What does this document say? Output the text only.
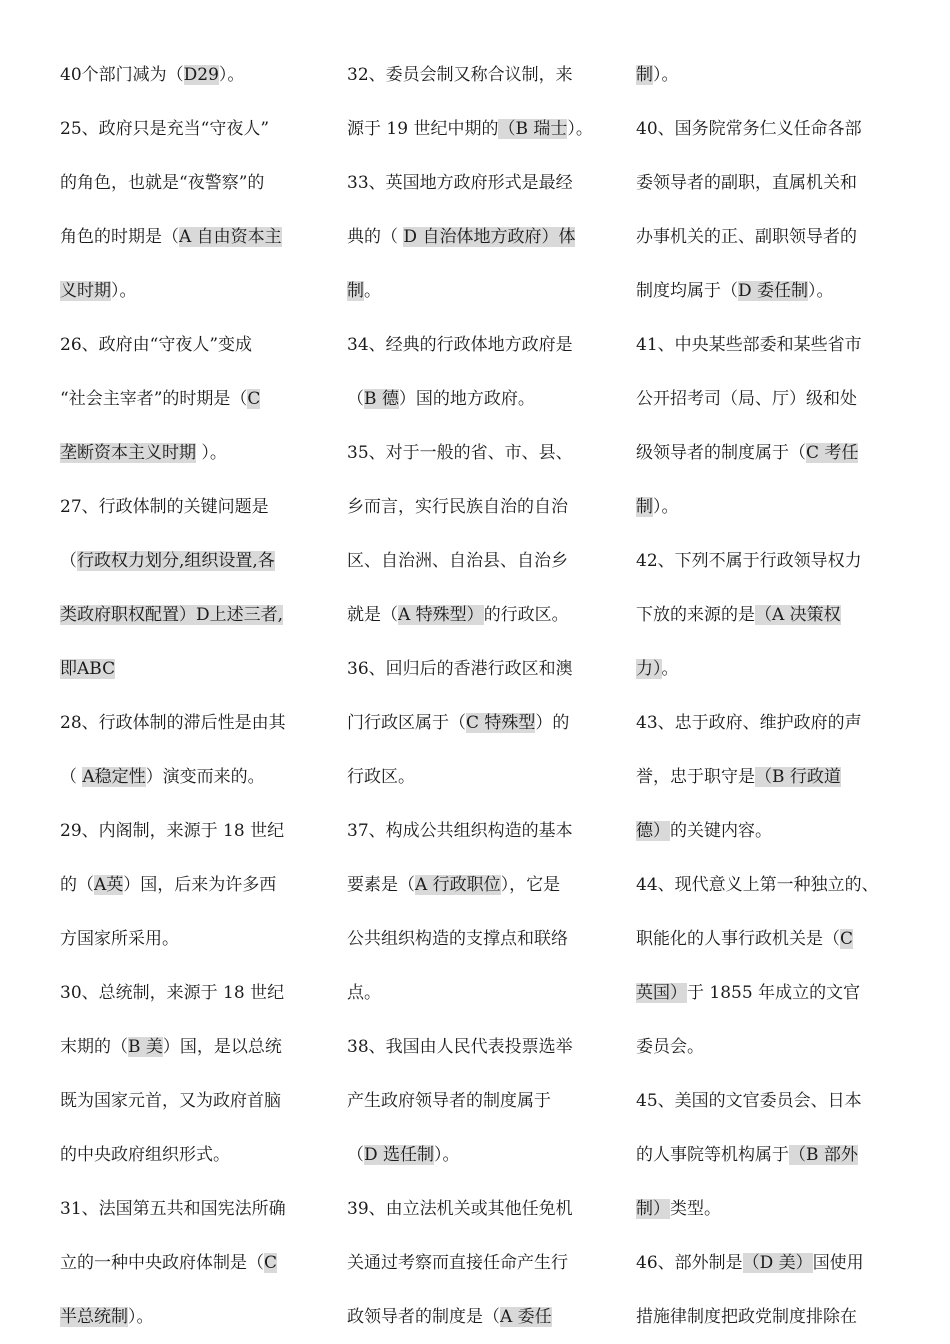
40个部门减为（D29）。
25、政府只是充当“守夜人”
的角色，也就是“夜警察”的
角色的时期是（A 自由资本主
义时期）。
26、政府由“守夜人”变成
“社会主宰者”的时期是（C
垄断资本主义时期 ）。
27、行政体制的关键问题是
（行政权力划分,组织设置,各
类政府职权配置）D上述三者,
即ABC
28、行政体制的滞后性是由其
（ A稳定性）演变而来的。
29、内阁制，来源于 18 世纪
的（A英）国，后来为许多西
方国家所采用。
30、总统制，来源于 18 世纪
末期的（B 美）国，是以总统
既为国家元首，又为政府首脑
的中央政府组织形式。
31、法国第五共和国宪法所确
立的一种中央政府体制是（C
半总统制）。
32、委员会制又称合议制，来
源于 19 世纪中期的（B 瑞士）。
33、英国地方政府形式是最经
典的（ D 自治体地方政府）体
制。
34、经典的行政体地方政府是
（B 德）国的地方政府。
35、对于一般的省、市、县、
乡而言，实行民族自治的自治
区、自治洲、自治县、自治乡
就是（A 特殊型）的行政区。
36、回归后的香港行政区和澳
门行政区属于（C 特殊型）的
行政区。
37、构成公共组织构造的基本
要素是（A 行政职位），它是
公共组织构造的支撑点和联络
点。
38、我国由人民代表投票选举
产生政府领导者的制度属于
（D 选任制）。
39、由立法机关或其他任免机
关通过考察而直接任命产生行
政领导者的制度是（A 委任
制）。
40、国务院常务仁义任命各部
委领导者的副职，直属机关和
办事机关的正、副职领导者的
制度均属于（D 委任制）。
41、中央某些部委和某些省市
公开招考司（局、厅）级和处
级领导者的制度属于（C 考任
制）。
42、下列不属于行政领导权力
下放的来源的是（A 决策权
力）。
43、忠于政府、维护政府的声
誉，忠于职守是（B 行政道
德）的关键内容。
44、现代意义上第一种独立的、
职能化的人事行政机关是（C
英国）于 1855 年成立的文官
委员会。
45、美国的文官委员会、日本
的人事院等机构属于（B 部外
制）类型。
46、部外制是（D 美）国使用
措施律制度把政党制度排除在
